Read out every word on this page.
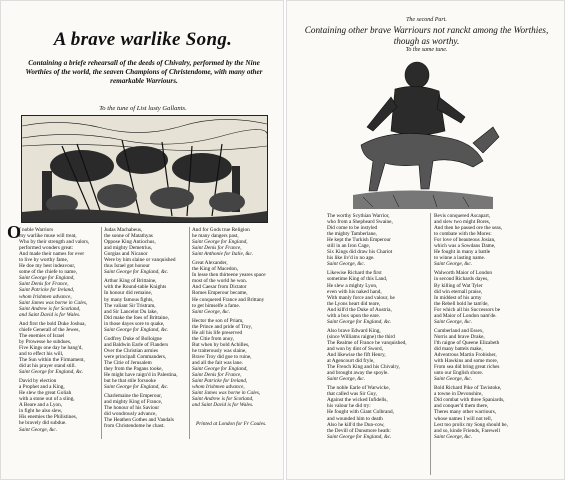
A brave warlike Song.
Containing a briefe rehearsall of the deeds of Chivalry, performed by the Nine Worthies of the world, the seaven Champions of Christendome, with many other remarkable Warriours.
To the tune of List lusty Gallants.
O
f noble Warriors
my warlike muse will treat,
Who by their strength and valors,
performed wonders great:
And made their names for ever
to live by worthy fame,
He doe my best indeavour,
some of the chiefe to name,
Saint George for England,
Saint Denis for France,
Saint Patricke for Ireland,
whom Irishmen advance,
Saint James was borne in Cales,
Saint Andrew is for Scotland,
and Saint David is for Wales.

And first the bold Duke Joshua,
chiefe Generall of the Jewes,
The enemies of Israel
by Prowesse he subdues,
Five Kings one day he hang'd,
and to effect his will,
The Sun within the Firmament,
did at his prayer stand still.
Saint George for England, &c.

David by election
a Prophet and a King,
He slew the great Goliah
with a stone out of a sling,
A Beare and a Lyon,
in fight he also slew,
His enemies the Philistines,
he bravely did subdue.
Saint George, &c.
Judas Machabeus,
the sonne of Matathyas
Oppose King Antiochus,
and mighty Demetrius,
Gorgias and Nicanor
Were by him slaine or vanquished
thus Israel got honour
Saint George for England, &c.

Arthur King of Brittaine,
with the Round-table Knights
In honour did remaine,
by many famous fights,
The valiant Sir Tristram,
and Sir Lancelot Du lake,
Did make the foes of Brittaine,
in those dayes sore to quake,
Saint George for England, &c.

Godfrey Duke of Bolloigne
and Baldwin Earle of Flanders
Over the Christian armies
were principall Commanders,
The Citie of Jerusalem
they from the Pagans tooke,
He might have raign'd in Palestina,
but he that stile forsooke
Saint George for England, &c.

Charlemaine the Emperour,
and mighty King of France,
The honour of his Saviour
did wondrously advance,
The Heathen Gothes and Vandals
from Christendome he chast.
And for Gods true Religion
he many dangers past,
Saint George for England,
Saint Denis for France,
Saint Anthonie for Italie, &c.

Great Alexander,
the King of Macedon,
In lesse then thirteene yeares space
most of the world he won.
And Caesar from Dictator
Romes Emperour became,
He conquered France and Brittany
to get himselfe a fame.
Saint George, &c.

Hector the son of Priam,
the Prince and pride of Troy,
He all his life preserved
the Citie from anoy,
But when by bold Achilles,
he traiterously was slaine,
Brave Troy did goe to ruine,
and all the fait was lane.
Saint George for England,
Saint Denis for France,
Saint Patricke for Ireland,
whom Irishmen advance,
Saint James was borne in Cales,
Saint Andrew is for Scotland,
and Saint David is for Wales.
Printed at London for Fr Coules.
The second Part.
Containing other brave Warriours not ranckt among the Worthies, though as worthy.
To the same tune.
The worthy Scythian Warrior,
who from a Shepheard Swaine,
Did come to be instyled
the mighty Tamberlane,
He kept the Turkish Emperour
still in an Iron Cage,
Six Kings did draw his Chariot
his like liv'd in no age.
Saint George, &c.

Likewise Richard the first
sometime King of this Land,
He slew a mighty Lyon,
even with his naked hand,
With manly force and valour, he
the Lyons heart did teare,
And kill'd the Duke of Austria,
with a box upon the eare.
Saint George for England, &c.

Also brave Edward King,
(since Williams raigne) the third
The Realme of France he vanquished,
and won by dint of Sword,
And likewise the fift Henry,
at Agencourt did fryle,
The French King and his Chivalry,
and brought away the spoyle.
Saint George, &c.

The noble Earle of Warwicke,
that called was Sir Guy,
Against the wicked Infidells,
his valour he did try:
He fought with Giant Colbrand,
and wounded him to death
Also he kill'd the Dun-cow,
the Devill of Dunsmore heath:
Saint George for England, &c.
Bevis conquered Ascapart,
and slew two might Bores,
And then he passed ore the seas,
to combate with the Mores:
For love of beauteous Josian,
which was a Sowdans Dame,
He fought in many a battle
to winne a lasting name.
Saint George, &c.

Walworth Maior of London
in second Richards dayes,
By killing of Wat Tyler
did win eternall praise,
In middest of his army
the Rebell bold he tam'de,
For which all his Successors be
and Maior of London nam'de.
Saint George, &c.

Cumberland and Essex,
Norris and brave Drake,
I'th raigne of Queene Elizabeth
did many battels make,
Adventrous Martin Frobisher,
with Hawkins and some more,
From sea did bring great riches
unto our English shore.
Saint George, &c.

Bold Richard Pike of Tavistoke,
a towne in Devonshire,
Did combat with three Spaniards,
and conquer'd them there,
Theres many other warriours,
whose names I will not tell,
Lest too prolix my Song should be,
and so, kinde Friends, Farewell
Saint George, &c.
